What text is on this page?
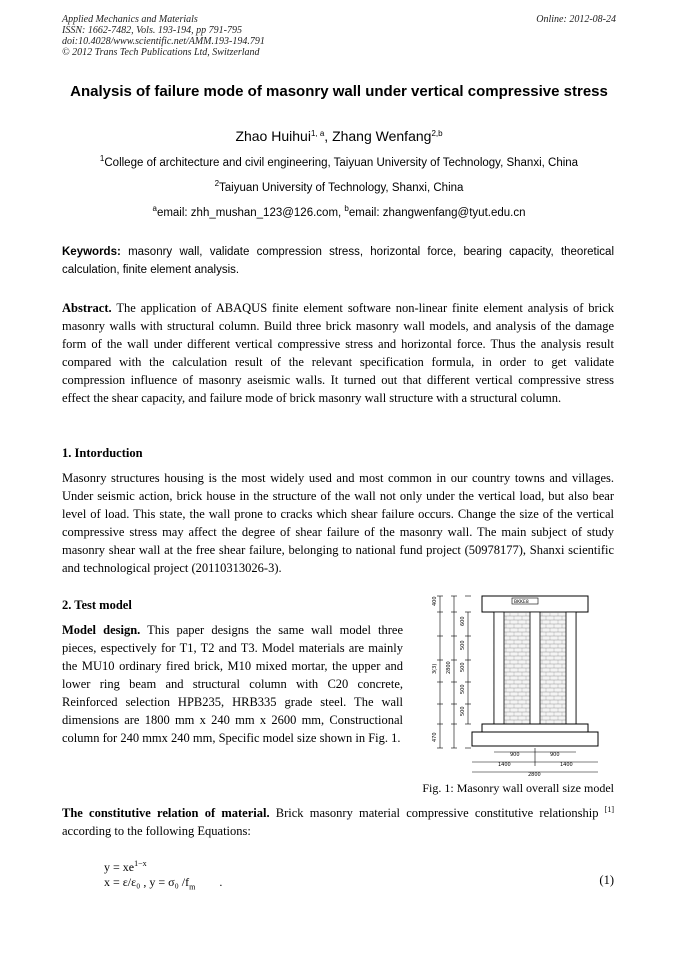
Applied Mechanics and Materials
ISSN: 1662-7482, Vols. 193-194, pp 791-795
doi:10.4028/www.scientific.net/AMM.193-194.791
© 2012 Trans Tech Publications Ltd, Switzerland
Online: 2012-08-24
Analysis of failure mode of masonry wall under vertical compressive stress
Zhao Huihui$^{1, a}$, Zhang Wenfang$^{2,b}$
$^1$College of architecture and civil engineering, Taiyuan University of Technology, Shanxi, China
$^2$Taiyuan University of Technology, Shanxi, China
$^a$email: zhh_mushan_123@126.com, $^b$email: zhangwenfang@tyut.edu.cn
Keywords: masonry wall, validate compression stress, horizontal force, bearing capacity, theoretical calculation, finite element analysis.
Abstract. The application of ABAQUS finite element software non-linear finite element analysis of brick masonry walls with structural column. Build three brick masonry wall models, and analysis of the damage form of the wall under different vertical compressive stress and horizontal force. Thus the analysis result compared with the calculation result of the relevant specification formula, in order to get validate compression influence of masonry aseismic walls. It turned out that different vertical compressive stress effect the shear capacity, and failure mode of brick masonry wall structure with a structural column.
1. Intorduction
Masonry structures housing is the most widely used and most common in our country towns and villages. Under seismic action, brick house in the structure of the wall not only under the vertical load, but also bear level of load. This state, the wall prone to cracks which shear failure occurs. Change the size of the vertical compressive stress may affect the degree of shear failure of the masonry wall. The main subject of study masonry shear wall at the free shear failure, belonging to national fund project (50978177), Shanxi scientific and technological project (20110313026-3).
2. Test model
Model design. This paper designs the same wall model three pieces, espectively for T1, T2 and T3. Model materials are mainly the MU10 ordinary fired brick, M10 mixed mortar, the upper and lower ring beam and structural column with C20 concrete, Reinforced selection HPB235, HRB335 grade steel. The wall dimensions are 1800 mm x 240 mm x 2600 mm, Constructional column for 240 mmx 240 mm, Specific model size shown in Fig. 1.
BKKE8
400
3(3) 2800
600
500
500
500
500
470
900	900
1400	1400
2800
Fig. 1: Masonry wall overall size model
The constitutive relation of material. Brick masonry material compressive constitutive relationship [1] according to the following Equations:
$y = xe^{1-x}$
x = ε/ε₀ , y = σ₀ $/f_m$ .	(1)
